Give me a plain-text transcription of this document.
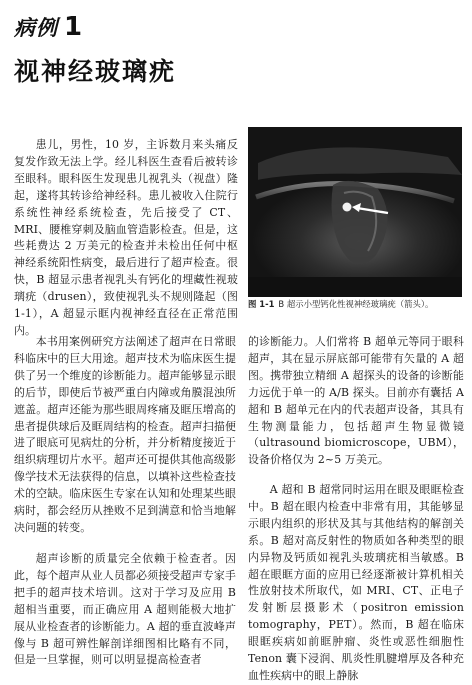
病例 1
视神经玻璃疣

患儿，男性，10 岁，主诉数月来头痛反复发作致无法上学。经儿科医生查看后被转诊至眼科。眼科医生发现患儿视乳头（视盘）隆起，遂将其转诊给神经科。患儿被收入住院行系统性神经系统检查，先后接受了 CT、MRI、腰椎穿刺及脑血管造影检查。但是，这些耗费达 2 万美元的检查并未检出任何中枢神经系统阳性病变，最后进行了超声检查。很快，B 超显示患者视乳头有钙化的埋藏性视玻璃疣（drusen），致使视乳头不规则隆起（图 1-1），A 超显示眶内视神经直径在正常范围内。

图 1-1 B 超示小型钙化性视神经玻璃疣（箭头）。

本书用案例研究方法阐述了超声在日常眼科临床中的巨大用途。超声技术为临床医生提供了另一个维度的诊断能力。超声能够显示眼的后节，即使后节被严重白内障或角膜混浊所遮盖。超声还能为那些眼周疼痛及眶压增高的患者提供球后及眶周结构的检查。超声扫描便进了眼底可见病灶的分析，并分析精度接近于组织病理切片水平。超声还可提供其他高级影像学技术无法获得的信息，以填补这些检查技术的空缺。临床医生专家在认知和处理某些眼病时，都会经历从挫败不足到满意和恰当地解决问题的转变。

超声诊断的质量完全依赖于检查者。因此，每个超声从业人员都必须接受超声专家手把手的超声技术培训。这对于学习及应用 B 超相当重要，而正确应用 A 超则能极大地扩展从业检查者的诊断能力。A 超的垂直波峰声像与 B 超可辨性解剖详细图相比略有不同，但是一旦掌握，则可以明显提高检查者

的诊断能力。人们常将 B 超单元等同于眼科超声，其在显示屏底部可能带有矢量的 A 超图。携带独立精细 A 超探头的设备的诊断能力远优于单一的 A/B 探头。目前亦有囊括 A 超和 B 超单元在内的代表超声设备，其具有生物测量能力，包括超声生物显微镜（ultrasound biomicroscope，UBM），设备价格仅为 2~5 万美元。

A 超和 B 超常同时运用在眼及眼眶检查中。B 超在眼内检查中非常有用，其能够显示眼内组织的形状及其与其他结构的解剖关系。B 超对高反射性的物质如各种类型的眼内异物及钙质如视乳头玻璃疣相当敏感。B 超在眼眶方面的应用已经逐渐被计算机相关性放射技术所取代，如 MRI、CT、正电子发射断层摄影术（positron emission tomography，PET）。然而，B 超在临床眼眶疾病如前眶肿瘤、炎性或恶性细胞性 Tenon 囊下浸润、肌炎性肌腱增厚及各种充血性疾病中的眼上静脉
